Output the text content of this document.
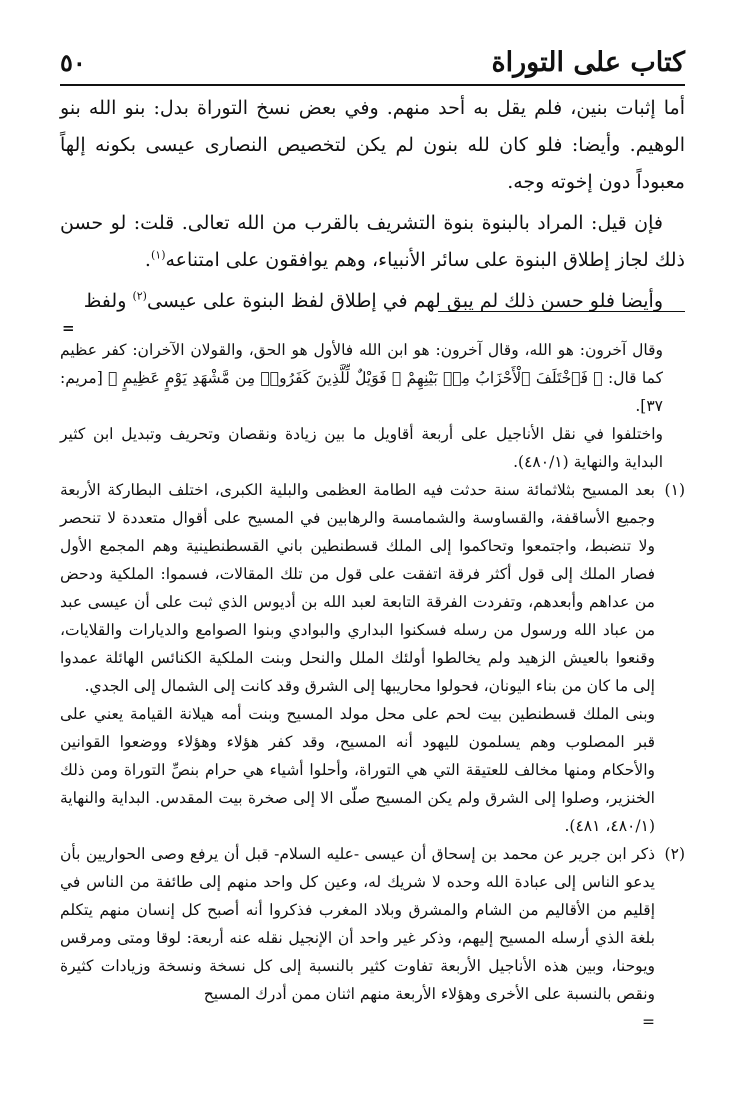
كتاب على التوراة
٥٠

أما إثبات بنين، فلم يقل به أحد منهم. وفي بعض نسخ التوراة بدل: بنو الله بنو الوهيم. وأيضا: فلو كان لله بنون لم يكن لتخصيص النصارى عيسى بكونه إلهاً معبوداً دون إخوته وجه.

فإن قيل: المراد بالبنوة بنوة التشريف بالقرب من الله تعالى. قلت: لو حسن ذلك لجاز إطلاق البنوة على سائر الأنبياء، وهم يوافقون على امتناعه$^{(١)}$.

وأيضا فلو حسن ذلك لم يبق لهم في إطلاق لفظ البنوة على عيسى$^{(٢)}$ ولفظ

=

وقال آخرون: هو الله، وقال آخرون: هو ابن الله فالأول هو الحق، والقولان الآخران: كفر عظيم كما قال: ﴿ فَٱخْتَلَفَ ٱلْأَحْزَابُ مِنۢ بَيْنِهِمْ ۖ فَوَيْلٌ لِّلَّذِينَ كَفَرُوا۟ مِن مَّشْهَدِ يَوْمٍ عَظِيمٍ ﴾ [مريم: ٣٧].

واختلفوا في نقل الأناجيل على أربعة أقاويل ما بين زيادة ونقصان وتحريف وتبديل ابن كثير البداية والنهاية (٤٨٠/١).

(١)

بعد المسيح بثلاثمائة سنة حدثت فيه الطامة العظمى والبلية الكبرى، اختلف البطاركة الأربعة وجميع الأساقفة، والقساوسة والشمامسة والرهابين في المسيح على أقوال متعددة لا تنحصر ولا تنضبط، واجتمعوا وتحاكموا إلى الملك قسطنطين باني القسطنطينية وهم المجمع الأول فصار الملك إلى قول أكثر فرقة اتفقت على قول من تلك المقالات، فسموا: الملكية ودحض من عداهم وأبعدهم، وتفردت الفرقة التابعة لعبد الله بن أديوس الذي ثبت على أن عيسى عبد من عباد الله ورسول من رسله فسكنوا البداري والبوادي وبنوا الصوامع والديارات والقلايات، وقنعوا بالعيش الزهيد ولم يخالطوا أولئك الملل والنحل وبنت الملكية الكنائس الهائلة عمدوا إلى ما كان من بناء اليونان، فحولوا محاريبها إلى الشرق وقد كانت إلى الشمال إلى الجدي.

وبنى الملك قسطنطين بيت لحم على محل مولد المسيح وبنت أمه هيلانة القيامة يعني على قبر المصلوب وهم يسلمون لليهود أنه المسيح، وقد كفر هؤلاء وهؤلاء ووضعوا القوانين والأحكام ومنها مخالف للعتيقة التي هي التوراة، وأحلوا أشياء هي حرام بنصِّ التوراة ومن ذلك الخنزير، وصلوا إلى الشرق ولم يكن المسيح صلّى الا إلى صخرة بيت المقدس. البداية والنهاية (٤٨٠/١، ٤٨١).

(٢)

ذكر ابن جرير عن محمد بن إسحاق أن عيسى -عليه السلام- قبل أن يرفع وصى الحواريين بأن يدعو الناس إلى عبادة الله وحده لا شريك له، وعين كل واحد منهم إلى طائفة من الناس في إقليم من الأقاليم من الشام والمشرق وبلاد المغرب فذكروا أنه أصبح كل إنسان منهم يتكلم بلغة الذي أرسله المسيح إليهم، وذكر غير واحد أن الإنجيل نقله عنه أربعة: لوقا ومتى ومرقس ويوحنا، وبين هذه الأناجيل الأربعة تفاوت كثير بالنسبة إلى كل نسخة ونسخة وزيادات كثيرة ونقص بالنسبة على الأخرى وهؤلاء الأربعة منهم اثنان ممن أدرك المسيح

=
